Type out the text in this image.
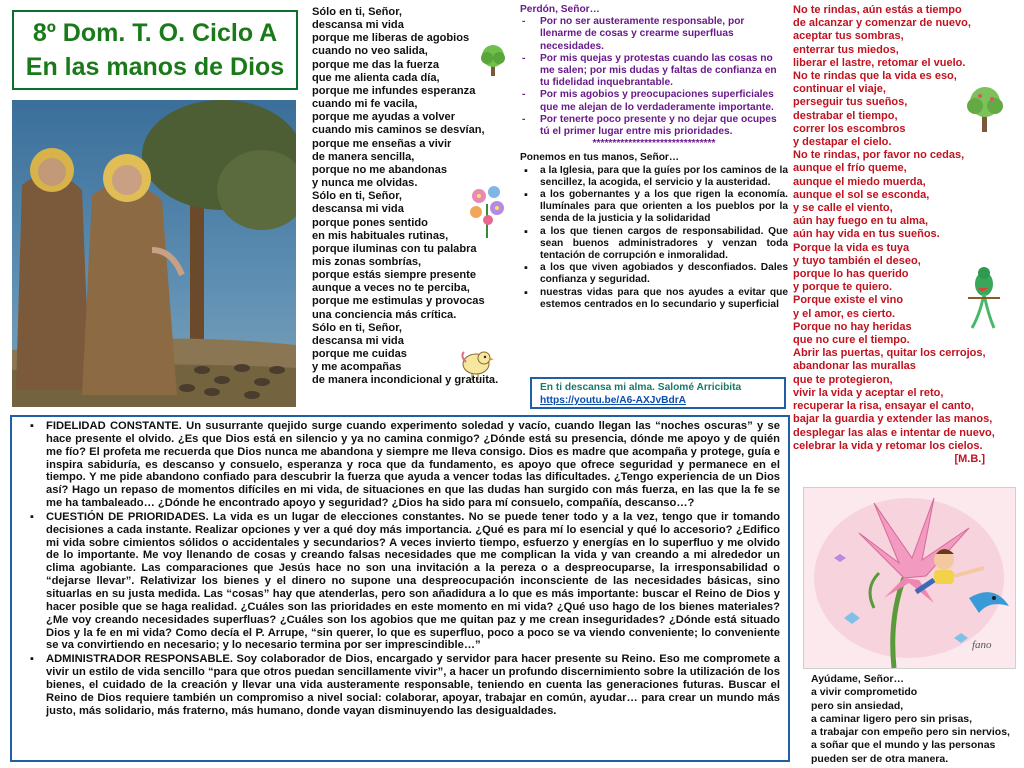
8º Dom. T. O. Ciclo A
En las manos de Dios
Sólo en ti, Señor,
descansa mi vida
porque me liberas de agobios
cuando no veo salida,
porque me das la fuerza
que me alienta cada día,
porque me infundes esperanza
cuando mi fe vacila,
porque me ayudas a volver
cuando mis caminos se desvían,
porque me enseñas a vivir
de manera sencilla,
porque no me abandonas
y nunca me olvidas.
Sólo en ti, Señor,
descansa mi vida
porque pones sentido
en mis habituales rutinas,
porque iluminas con tu palabra
mis zonas sombrías,
porque estás siempre presente
aunque a veces no te perciba,
porque me estimulas y provocas
una conciencia más crítica.
Sólo en ti, Señor,
descansa mi vida
porque me cuidas
y me acompañas
de manera incondicional y gratuita.
Perdón, Señor…
- Por no ser austeramente responsable, por llenarme de cosas y crearme superfluas necesidades.
- Por mis quejas y protestas cuando las cosas no me salen; por mis dudas y faltas de confianza en tu fidelidad inquebrantable.
- Por mis agobios y preocupaciones superficiales que me alejan de lo verdaderamente importante.
- Por tenerte poco presente y no dejar que ocupes tú el primer lugar entre mis prioridades.
*******************************
Ponemos en tus manos, Señor…
▪ a la Iglesia, para que la guíes por los caminos de la sencillez, la acogida, el servicio y la austeridad.
▪ a los gobernantes y a los que rigen la economía. Ilumínales para que orienten a los pueblos por la senda de la justicia y la solidaridad
▪ a los que tienen cargos de responsabilidad. Que sean buenos administradores y venzan toda tentación de corrupción e inmoralidad.
▪ a los que viven agobiados y desconfiados. Dales confianza y seguridad.
▪ nuestras vidas para que nos ayudes a evitar que estemos centrados en lo secundario y superficial
En ti descansa mi alma. Salomé Arricibita
https://youtu.be/A6-AXJvBdrA
No te rindas, aún estás a tiempo
de alcanzar y comenzar de nuevo,
aceptar tus sombras,
enterrar tus miedos,
liberar el lastre, retomar el vuelo.
No te rindas que la vida es eso,
continuar el viaje,
perseguir tus sueños,
destrabar el tiempo,
correr los escombros
y destapar el cielo.
No te rindas, por favor no cedas,
aunque el frío queme,
aunque el miedo muerda,
aunque el sol se esconda,
y se calle el viento,
aún hay fuego en tu alma,
aún hay vida en tus sueños.
Porque la vida es tuya
y tuyo también el deseo,
porque lo has querido
y porque te quiero.
Porque existe el vino
y el amor, es cierto.
Porque no hay heridas
que no cure el tiempo.
Abrir las puertas, quitar los cerrojos,
abandonar las murallas
que te protegieron,
vivir la vida y aceptar el reto,
recuperar la risa, ensayar el canto,
bajar la guardia y extender las manos,
desplegar las alas e intentar de nuevo,
celebrar la vida y retomar los cielos.
[M.B.]
▪ FIDELIDAD CONSTANTE. Un susurrante quejido surge cuando experimento soledad y vacío, cuando llegan las “noches oscuras” y se hace presente el olvido. ¿Es que Dios está en silencio y ya no camina conmigo? ¿Dónde está su presencia, dónde me apoyo y de quién me fío? El profeta me recuerda que Dios nunca me abandona y siempre me lleva consigo. Dios es madre que acompaña y protege, guía e inspira sabiduría, es descanso y consuelo, esperanza y roca que da fundamento, es apoyo que ofrece seguridad y permanece en el tiempo. Y me pide abandono confiado para descubrir la fuerza que ayuda a vencer todas las dificultades. ¿Tengo experiencia de un Dios así? Hago un repaso de momentos difíciles en mi vida, de situaciones en que las dudas han surgido con más fuerza, en las que la fe se me ha tambaleado… ¿Dónde he encontrado apoyo y seguridad? ¿Dios ha sido para mí consuelo, compañía, descanso…?
▪ CUESTIÓN DE PRIORIDADES. La vida es un lugar de elecciones constantes. No se puede tener todo y a la vez, tengo que ir tomando decisiones a cada instante. Realizar opciones y ver a qué doy más importancia. ¿Qué es para mí lo esencial y qué lo accesorio? ¿Edifico mi vida sobre cimientos sólidos o accidentales y secundarios? A veces invierto tiempo, esfuerzo y energías en lo superfluo y me olvido de lo importante. Me voy llenando de cosas y creando falsas necesidades que me complican la vida y van creando a mi alrededor un clima agobiante. Las comparaciones que Jesús hace no son una invitación a la pereza o a despreocuparse, la irresponsabilidad o “dejarse llevar”. Relativizar los bienes y el dinero no supone una despreocupación inconsciente de las necesidades básicas, sino situarlas en su justa medida. Las “cosas” hay que atenderlas, pero son añadidura a lo que es más importante: buscar el Reino de Dios y hacer posible que se haga realidad. ¿Cuáles son las prioridades en este momento en mi vida? ¿Qué uso hago de los bienes materiales? ¿Me voy creando necesidades superfluas? ¿Cuáles son los agobios que me quitan paz y me crean inseguridades? ¿Dónde está situado Dios y la fe en mi vida? Como decía el P. Arrupe, “sin querer, lo que es superfluo, poco a poco se va viendo conveniente; lo conveniente se va convirtiendo en necesario; y lo necesario termina por ser imprescindible…”
▪ ADMINISTRADOR RESPONSABLE. Soy colaborador de Dios, encargado y servidor para hacer presente su Reino. Eso me compromete a vivir un estilo de vida sencillo “para que otros puedan sencillamente vivir”, a hacer un profundo discernimiento sobre la utilización de los bienes, el cuidado de la creación y llevar una vida austeramente responsable, teniendo en cuenta las generaciones futuras. Buscar el Reino de Dios requiere también un compromiso a nivel social: colaborar, apoyar, trabajar en común, ayudar… para crear un mundo más justo, más solidario, más fraterno, más humano, donde vayan disminuyendo las desigualdades.
fano
Ayúdame, Señor…
a vivir comprometido
pero sin ansiedad,
a caminar ligero pero sin prisas,
a trabajar con empeño pero sin nervios,
a soñar que el mundo y las personas
pueden ser de otra manera.
